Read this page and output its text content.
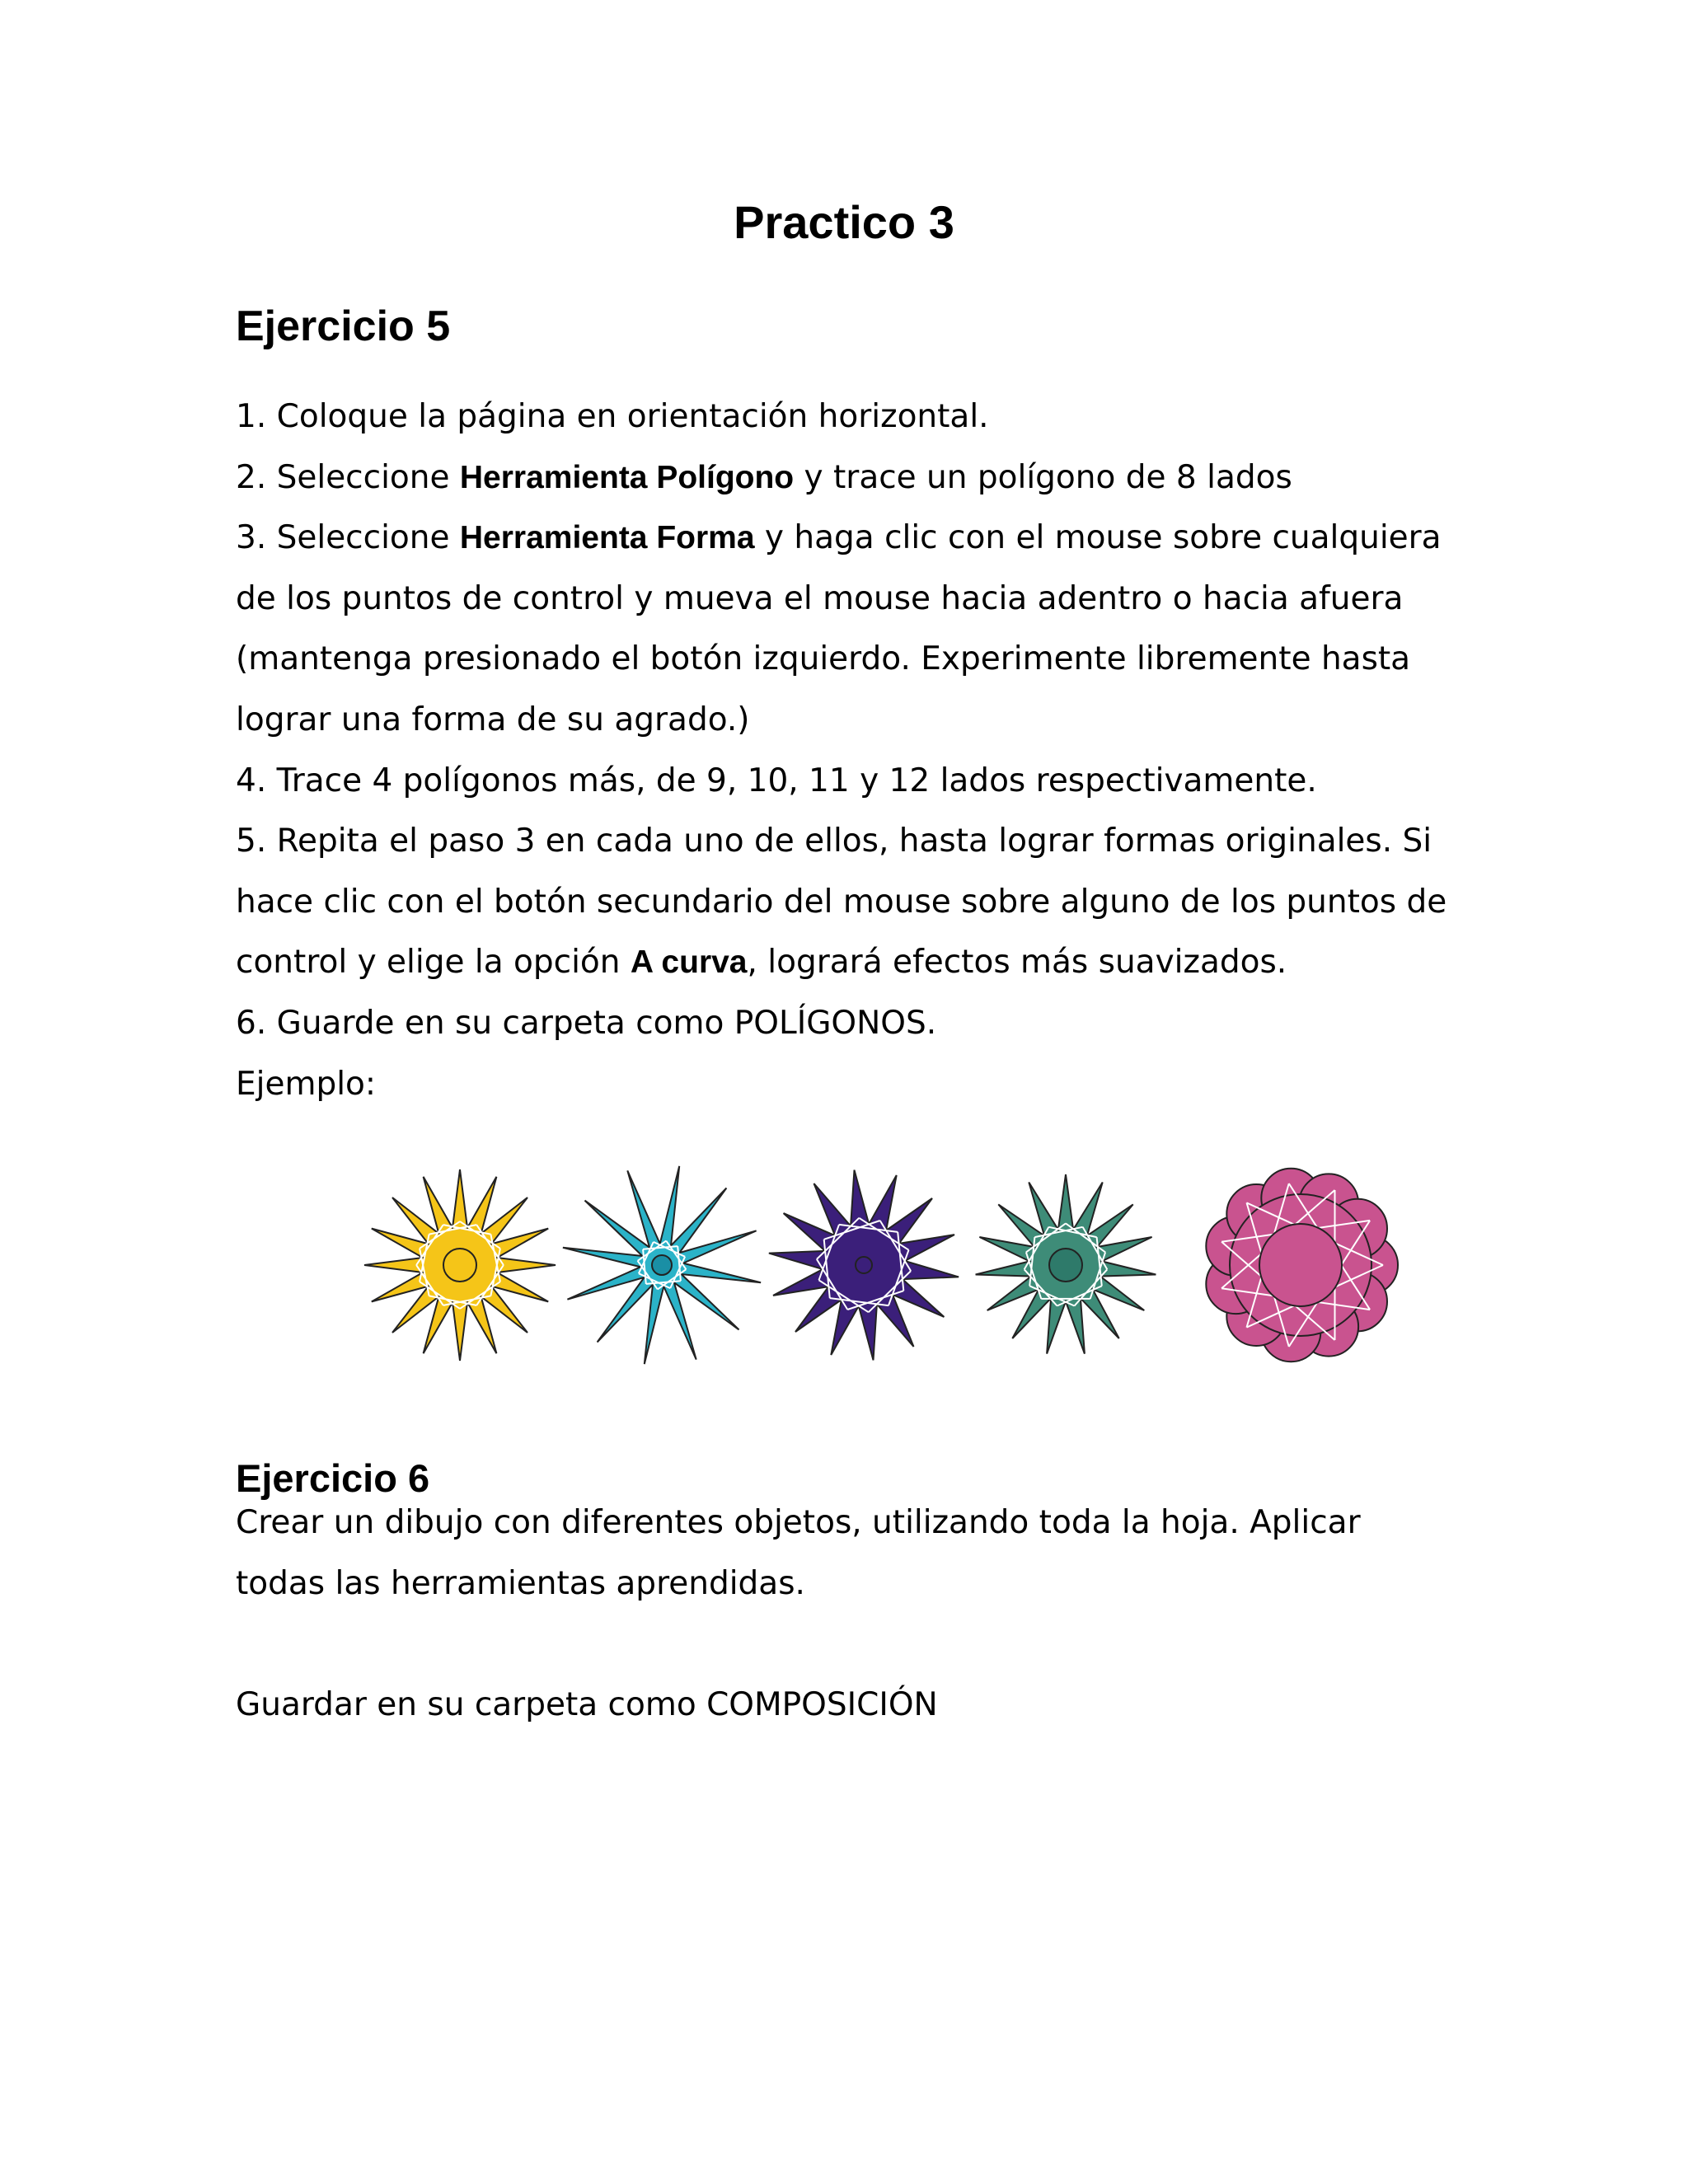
Practico 3
Ejercicio 5
1. Coloque la página en orientación horizontal.
2. Seleccione Herramienta Polígono y trace un polígono de 8 lados
3. Seleccione Herramienta Forma y haga clic con el mouse sobre cualquiera
de los puntos de control y mueva el mouse hacia adentro o hacia afuera
(mantenga presionado el botón izquierdo. Experimente libremente hasta
lograr una forma de su agrado.)
4. Trace 4 polígonos más, de 9, 10, 11 y 12 lados respectivamente.
5. Repita el paso 3 en cada uno de ellos, hasta lograr formas originales. Si
hace clic con el botón secundario del mouse sobre alguno de los puntos de
control y elige la opción A curva, logrará efectos más suavizados.
6. Guarde en su carpeta como POLÍGONOS.
Ejemplo:
Ejercicio 6
Crear un dibujo con diferentes objetos, utilizando toda la hoja. Aplicar
todas las herramientas aprendidas.
Guardar en su carpeta como COMPOSICIÓN
